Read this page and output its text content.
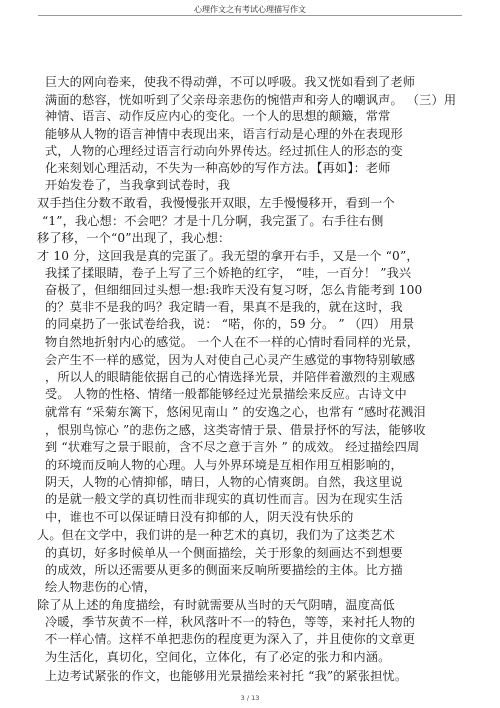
心理作文之有考试心理描写作文
巨大的网向卷来，使我不得动弹，不可以呼吸。我又恍如看到了老师
满面的愁容，恍如听到了父亲母亲悲伤的惋惜声和旁人的嘲讽声。 （三）用
神情、语言、动作反应内心的变化。一个人的思想的颠簸，常常
能够从人物的语言神情中表现出来，语言行动是心理的外在表现形
式，人物的心理经过语言行动向外界传达。经过抓住人的形态的变
化来刻划心理活动，不失为一种高妙的写作方法。【再如】：老师
开始发卷了，当我拿到试卷时，我
双手挡住分数不敢看，我慢慢张开双眼，左手慢慢移开，看到一个
“1”，我心想：不会吧？才是十几分啊，我完蛋了。右手往右侧
移了移，一个“0”出现了，我心想：
才 10 分，这回我是真的完蛋了。我无望的拿开右手，又是一个 “0”，
我揉了揉眼睛，卷子上写了三个娇艳的红字， “哇，一百分！ ”我兴
奋极了，但细细回过头想一想:我昨天没有复习呀，怎么肯能考到 100
的？莫非不是我的吗？我定睛一看，果真不是我的，就在这时，我
的同桌扔了一张试卷给我，说： “喏，你的，59 分。 ” （四） 用景
物自然地折射内心的感觉。 一个人在不一样的心情时看同样的光景，
会产生不一样的感觉，因为人对使自己心灵产生感觉的事物特别敏感
，所以人的眼睛能依据自己的心情选择光景，并陪伴着激烈的主观感
受。 人物的性格、情绪一般都能够经过光景描绘来反应。古诗文中
就常有 “采菊东篱下，悠闲见南山 ” 的安逸之心，也常有 “感时花溅泪
，恨别鸟惊心 ”的悲伤之感，这类寄情于景、借景抒怀的写法，能够收
到 “状难写之景于眼前，含不尽之意于言外 ” 的成效。 经过描绘四周
的环境而反响人物的心理。人与外界环境是互相作用互相影响的，
阴天，人物的心情抑郁，晴日，人物的心情爽朗。自然，我这里说
的是就一般文学的真切性而非现实的真切性而言。因为在现实生活
中，谁也不可以保证晴日没有抑郁的人，阴天没有快乐的
人。但在文学中，我们讲的是一种艺术的真切，我们为了这类艺术
的真切，好多时候单从一个侧面描绘，关于形象的刻画达不到想要
的成效，所以还需要从更多的侧面来反响所要描绘的主体。比方描
绘人物悲伤的心情，
除了从上述的角度描绘，有时就需要从当时的天气阴晴，温度高低
冷暖，季节灰黄不一样，秋风落叶不一的特色，等等，来衬托人物的
不一样心情。这样不单把悲伤的程度更为深入了，并且使你的文章更
为生活化，真切化，空间化，立体化，有了必定的张力和内涵。
上边考试紧张的作文，也能够用光景描绘来衬托 “我”的紧张担忧。
3 / 13
